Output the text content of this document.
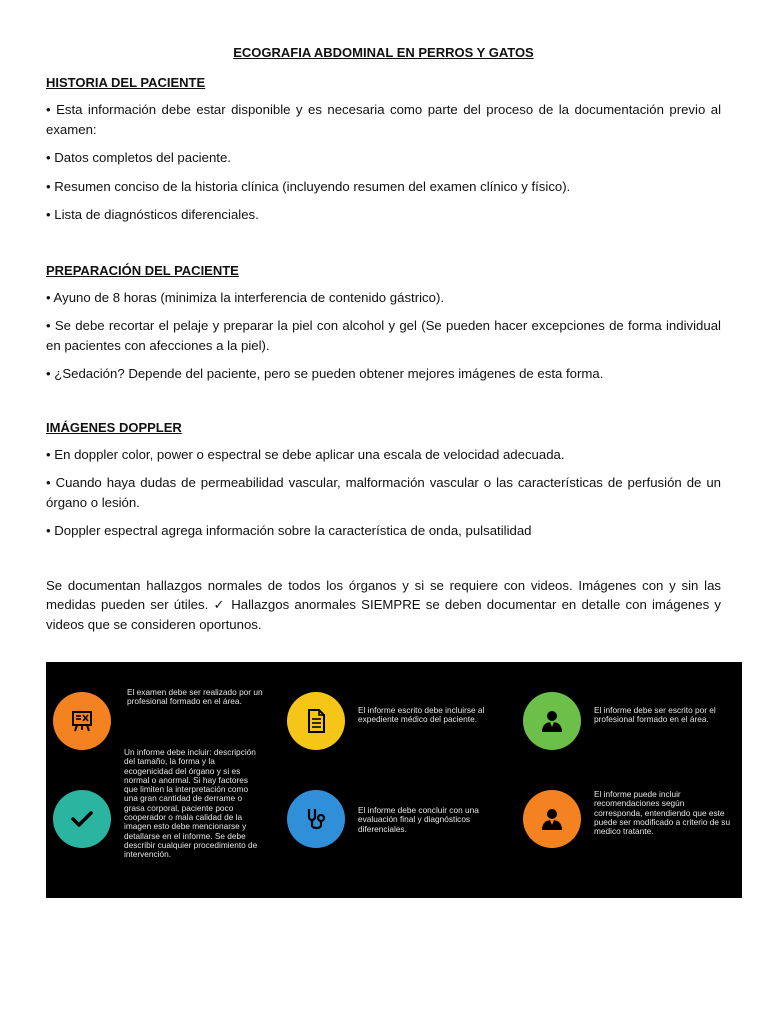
ECOGRAFIA ABDOMINAL EN PERROS Y GATOS
HISTORIA DEL PACIENTE
• Esta información debe estar disponible y es necesaria como parte del proceso de la documentación previo al examen:
• Datos completos del paciente.
• Resumen conciso de la historia clínica (incluyendo resumen del examen clínico y físico).
• Lista de diagnósticos diferenciales.
PREPARACIÓN DEL PACIENTE
• Ayuno de 8 horas (minimiza la interferencia de contenido gástrico).
• Se debe recortar el pelaje y preparar la piel con alcohol y gel (Se pueden hacer excepciones de forma individual en pacientes con afecciones a la piel).
• ¿Sedación? Depende del paciente, pero se pueden obtener mejores imágenes de esta forma.
IMÁGENES DOPPLER
• En doppler color, power o espectral se debe aplicar una escala de velocidad adecuada.
• Cuando haya dudas de permeabilidad vascular, malformación vascular o las características de perfusión de un órgano o lesión.
• Doppler espectral agrega información sobre la característica de onda, pulsatilidad
Se documentan hallazgos normales de todos los órganos y si se requiere con videos. Imágenes con y sin las medidas pueden ser útiles. ✓ Hallazgos anormales SIEMPRE se deben documentar en detalle con imágenes y videos que se consideren oportunos.
El examen debe ser realizado por un profesional formado en el área.
El informe escrito debe incluirse al expediente médico del paciente.
El informe debe ser escrito por el profesional formado en el área.
Un informe debe incluir: descripción del tamaño, la forma y la ecogenicidad del órgano y si es normal o anormal. Si hay factores que limiten la interpretación como una gran cantidad de derrame o grasa corporal, paciente poco cooperador o mala calidad de la imagen esto debe mencionarse y detallarse en el informe. Se debe describir cualquier procedimiento de intervención.
El informe debe concluir con una evaluación final y diagnósticos diferenciales.
El informe puede incluir recomendaciones según corresponda, entendiendo que este puede ser modificado a criterio de su medico tratante.
